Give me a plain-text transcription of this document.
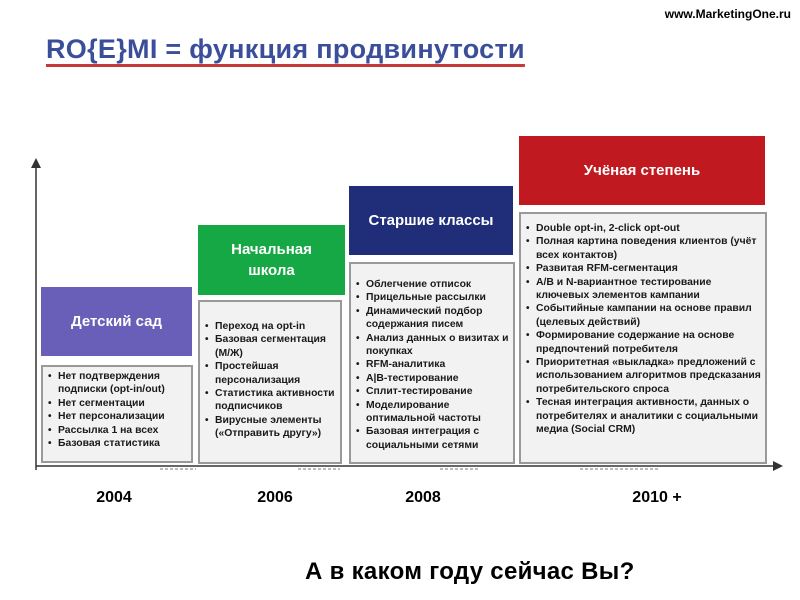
www.MarketingOne.ru
RO{E}MI = функция продвинутости
Детский сад
Начальная школа
Старшие классы
Учёная степень
• Нет подтверждения подписки (opt-in/out)
• Нет сегментации
• Нет персонализации
• Рассылка 1 на всех
• Базовая статистика
• Переход на opt-in
• Базовая сегментация (М/Ж)
• Простейшая персонализация
• Статистика активности подписчиков
• Вирусные элементы («Отправить другу»)
• Облегчение отписок
• Прицельные рассылки
• Динамический подбор содержания писем
• Анализ данных о визитах и покупках
• RFM-аналитика
• A|B-тестирование
• Сплит-тестирование
• Моделирование оптимальной частоты
• Базовая интеграция с социальными сетями
• Double opt-in, 2-click opt-out
• Полная картина поведения клиентов (учёт всех контактов)
• Развитая RFM-сегментация
• A/B и N-вариантное тестирование ключевых элементов кампании
• Событийные кампании на основе правил (целевых действий)
• Формирование содержание на основе предпочтений потребителя
• Приоритетная «выкладка» предложений с использованием алгоритмов предсказания потребительского спроса
• Тесная интеграция активности, данных о потребителях и аналитики с социальными медиа (Social CRM)
2004	2006	2008	2010 +
А в каком году сейчас Вы?
